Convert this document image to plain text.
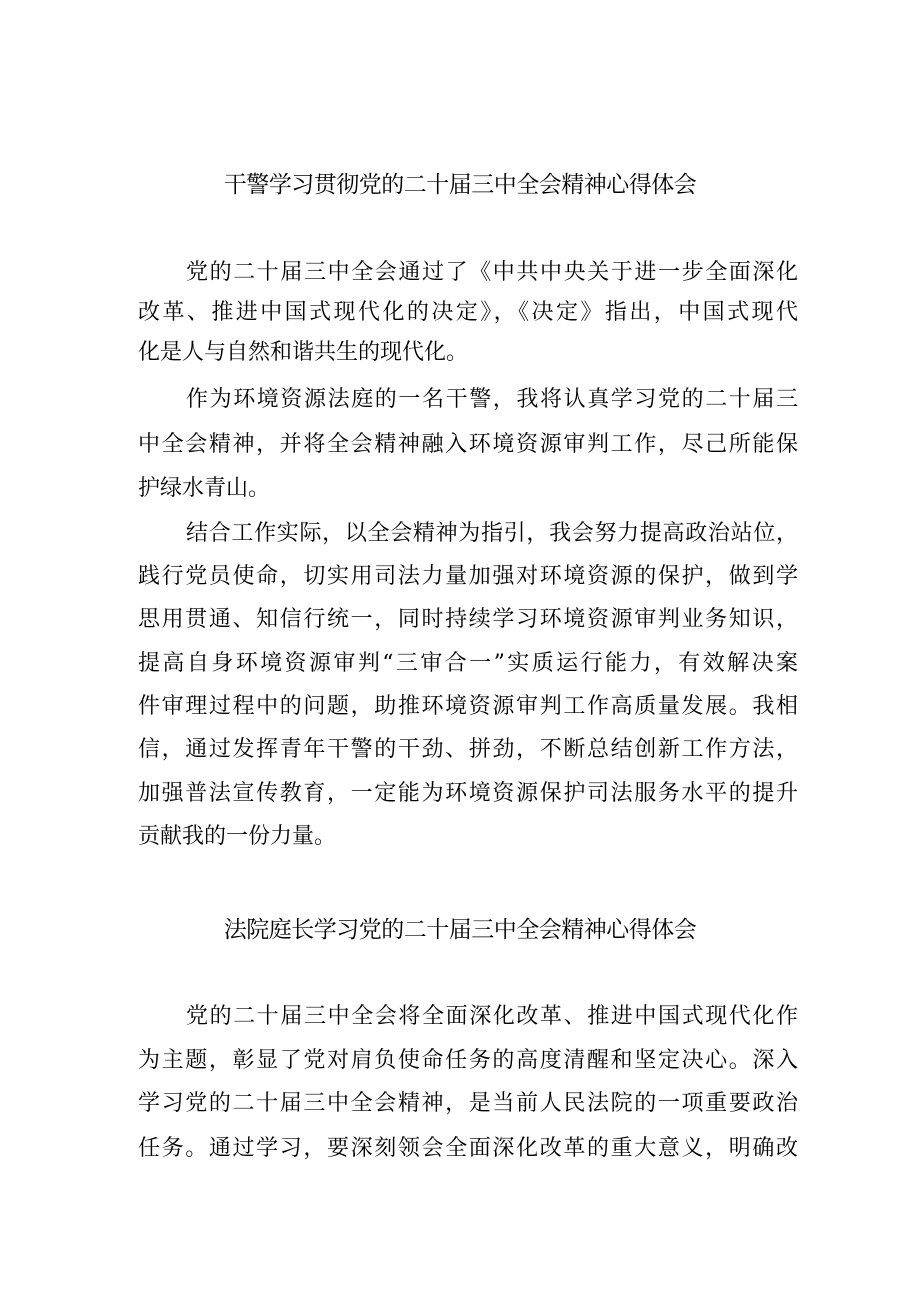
干警学习贯彻党的二十届三中全会精神心得体会
党的二十届三中全会通过了《中共中央关于进一步全面深化
改革、推进中国式现代化的决定》，《决定》指出，中国式现代
化是人与自然和谐共生的现代化。
作为环境资源法庭的一名干警，我将认真学习党的二十届三
中全会精神，并将全会精神融入环境资源审判工作，尽己所能保
护绿水青山。
结合工作实际，以全会精神为指引，我会努力提高政治站位，
践行党员使命，切实用司法力量加强对环境资源的保护，做到学
思用贯通、知信行统一，同时持续学习环境资源审判业务知识，
提高自身环境资源审判“三审合一”实质运行能力，有效解决案
件审理过程中的问题，助推环境资源审判工作高质量发展。我相
信，通过发挥青年干警的干劲、拼劲，不断总结创新工作方法，
加强普法宣传教育，一定能为环境资源保护司法服务水平的提升
贡献我的一份力量。
法院庭长学习党的二十届三中全会精神心得体会
党的二十届三中全会将全面深化改革、推进中国式现代化作
为主题，彰显了党对肩负使命任务的高度清醒和坚定决心。深入
学习党的二十届三中全会精神，是当前人民法院的一项重要政治
任务。通过学习，要深刻领会全面深化改革的重大意义，明确改
